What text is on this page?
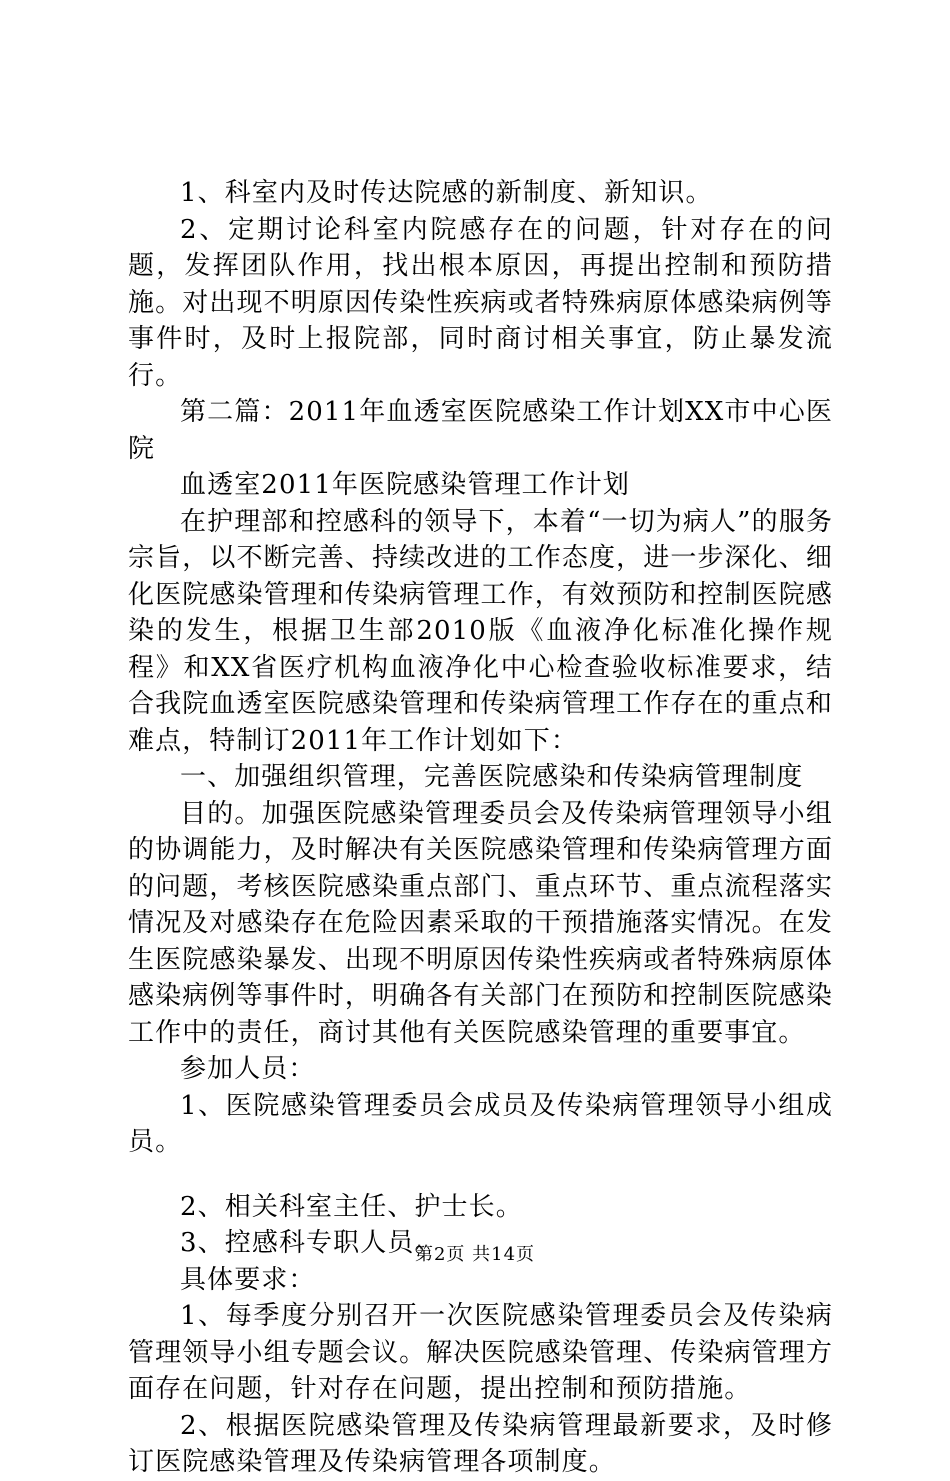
1、科室内及时传达院感的新制度、新知识。

2、定期讨论科室内院感存在的问题，针对存在的问题，发挥团队作用，找出根本原因，再提出控制和预防措施。对出现不明原因传染性疾病或者特殊病原体感染病例等事件时，及时上报院部，同时商讨相关事宜，防止暴发流行。

第二篇：2011年血透室医院感染工作计划XX市中心医院

血透室2011年医院感染管理工作计划

在护理部和控感科的领导下，本着“一切为病人”的服务宗旨，以不断完善、持续改进的工作态度，进一步深化、细化医院感染管理和传染病管理工作，有效预防和控制医院感染的发生，根据卫生部2010版《血液净化标准化操作规程》和XX省医疗机构血液净化中心检查验收标准要求，结合我院血透室医院感染管理和传染病管理工作存在的重点和难点，特制订2011年工作计划如下：

一、加强组织管理，完善医院感染和传染病管理制度

目的。加强医院感染管理委员会及传染病管理领导小组的协调能力，及时解决有关医院感染管理和传染病管理方面的问题，考核医院感染重点部门、重点环节、重点流程落实情况及对感染存在危险因素采取的干预措施落实情况。在发生医院感染暴发、出现不明原因传染性疾病或者特殊病原体感染病例等事件时，明确各有关部门在预防和控制医院感染工作中的责任，商讨其他有关医院感染管理的重要事宜。

参加人员：

1、医院感染管理委员会成员及传染病管理领导小组成员。

2、相关科室主任、护士长。

3、控感科专职人员。

具体要求：

1、每季度分别召开一次医院感染管理委员会及传染病管理领导小组专题会议。解决医院感染管理、传染病管理方面存在问题，针对存在问题，提出控制和预防措施。

2、根据医院感染管理及传染病管理最新要求，及时修订医院感染管理及传染病管理各项制度。

第2页 共14页
